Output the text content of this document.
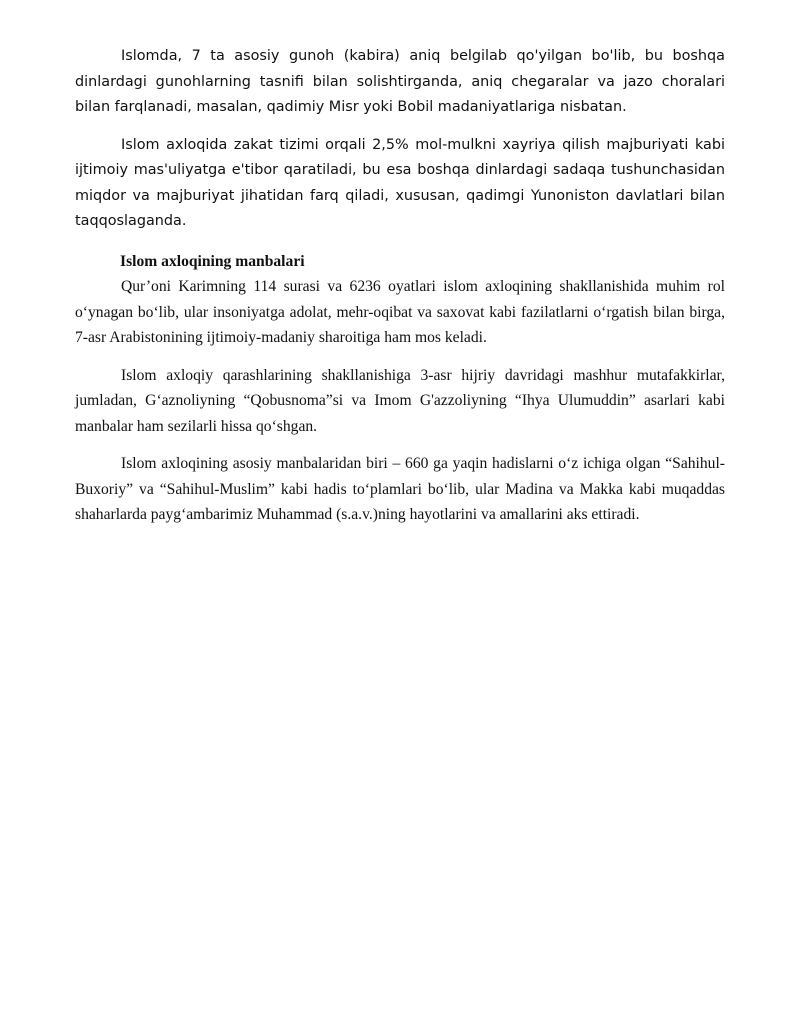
Islomda, 7 ta asosiy gunoh (kabira) aniq belgilab qo'yilgan bo'lib, bu boshqa dinlardagi gunohlarning tasnifi bilan solishtirganda, aniq chegaralar va jazo choralari bilan farqlanadi, masalan, qadimiy Misr yoki Bobil madaniyatlariga nisbatan.

Islom axloqida zakat tizimi orqali 2,5% mol-mulkni xayriya qilish majburiyati kabi ijtimoiy mas'uliyatga e'tibor qaratiladi, bu esa boshqa dinlardagi sadaqa tushunchasidan miqdor va majburiyat jihatidan farq qiladi, xususan, qadimgi Yunoniston davlatlari bilan taqqoslaganda.

Islom axloqining manbalari

Qur’oni Karimning 114 surasi va 6236 oyatlari islom axloqining shakllanishida muhim rol o‘ynagan bo‘lib, ular insoniyatga adolat, mehr-oqibat va saxovat kabi fazilatlarni o‘rgatish bilan birga, 7-asr Arabistonining ijtimoiy-madaniy sharoitiga ham mos keladi.

Islom axloqiy qarashlarining shakllanishiga 3-asr hijriy davridagi mashhur mutafakkirlar, jumladan, G‘aznoliyning “Qobusnoma”si va Imom G'azzoliyning “Ihya Ulumuddin” asarlari kabi manbalar ham sezilarli hissa qo‘shgan.

Islom axloqining asosiy manbalaridan biri – 660 ga yaqin hadislarni o‘z ichiga olgan “Sahihul-Buxoriy” va “Sahihul-Muslim” kabi hadis to‘plamlari bo‘lib, ular Madina va Makka kabi muqaddas shaharlarda payg‘ambarimiz Muhammad (s.a.v.)ning hayotlarini va amallarini aks ettiradi.
